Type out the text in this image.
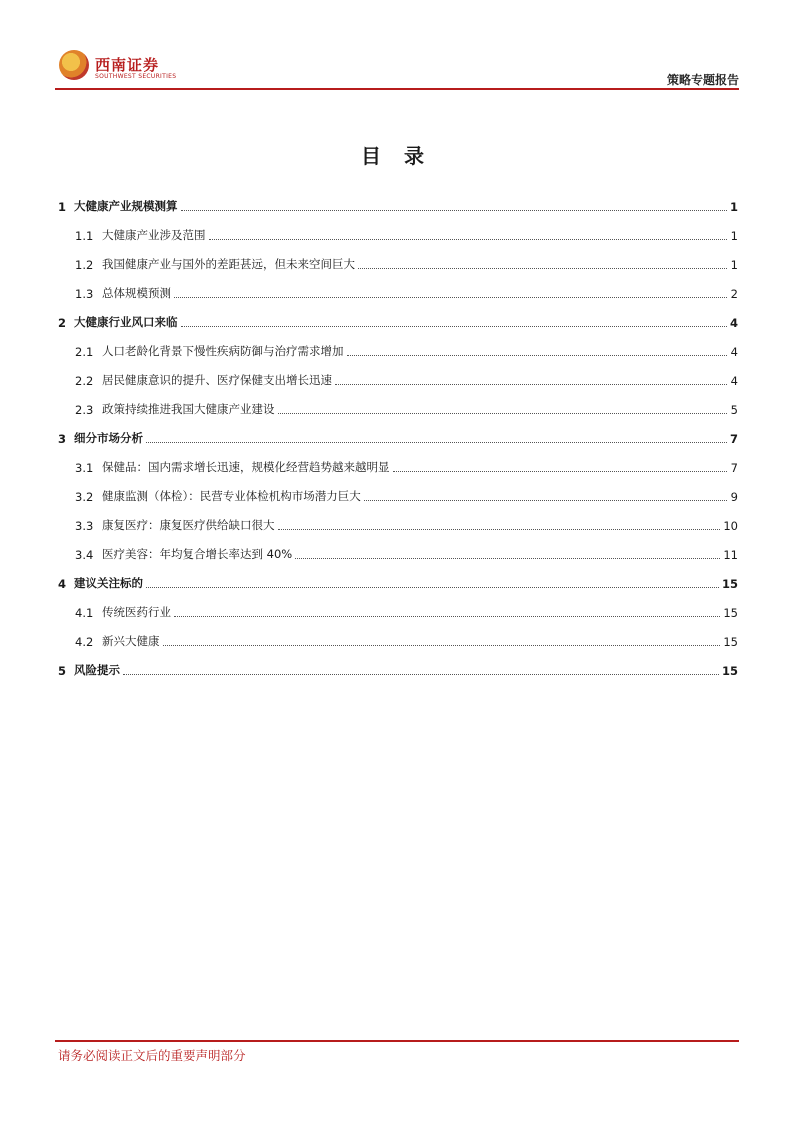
西南证券
SOUTHWEST SECURITIES	策略专题报告
目 录
1 大健康产业规模测算	1
1.1 大健康产业涉及范围	1
1.2 我国健康产业与国外的差距甚远，但未来空间巨大	1
1.3 总体规模预测	2
2 大健康行业风口来临	4
2.1 人口老龄化背景下慢性疾病防御与治疗需求增加	4
2.2 居民健康意识的提升、医疗保健支出增长迅速	4
2.3 政策持续推进我国大健康产业建设	5
3 细分市场分析	7
3.1 保健品：国内需求增长迅速，规模化经营趋势越来越明显	7
3.2 健康监测（体检）：民营专业体检机构市场潜力巨大	9
3.3 康复医疗：康复医疗供给缺口很大	10
3.4 医疗美容：年均复合增长率达到 40%	11
4 建议关注标的	15
4.1 传统医药行业	15
4.2 新兴大健康	15
5 风险提示	15
请务必阅读正文后的重要声明部分
